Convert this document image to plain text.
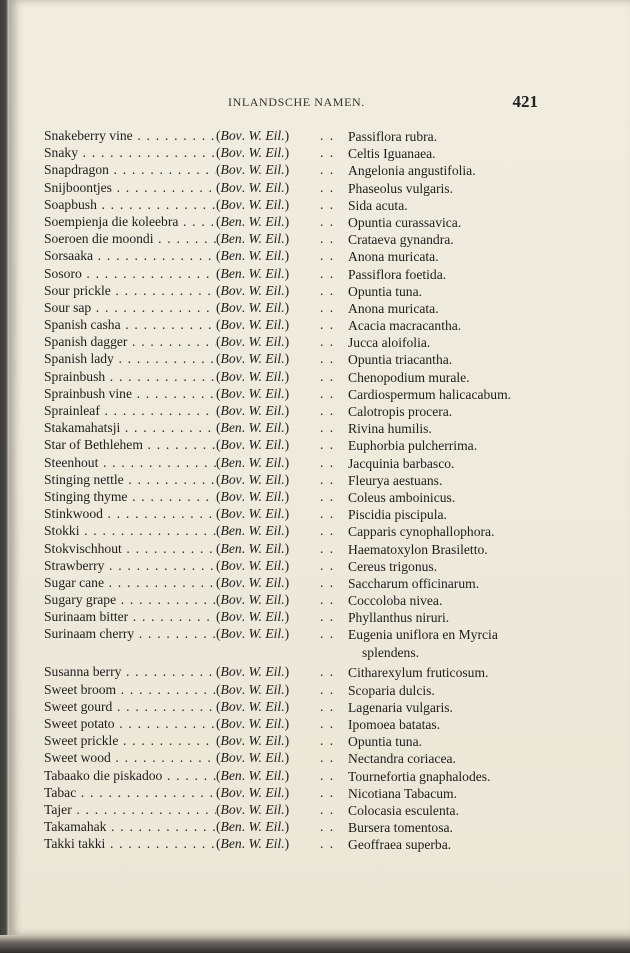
INLANDSCHE NAMEN.	421
Snakeberry vine . . .	(Bov. W. Eil.) . . Passiflora rubra.
Snaky . . .	(Bov. W. Eil.) . . Celtis Iguanaea.
Snapdragon . . .	(Bov. W. Eil.) . . Angelonia angustifolia.
Snijboontjes . . .	(Bov. W. Eil.) . . Phaseolus vulgaris.
Soapbush . . .	(Bov. W. Eil.) . . Sida acuta.
Soempienja die koleebra . . .	(Ben. W. Eil.) . . Opuntia curassavica.
Soeroen die moondi . . .	(Ben. W. Eil.) . . Crataeva gynandra.
Sorsaaka . . .	(Ben. W. Eil.) . . Anona muricata.
Sosoro . . .	(Ben. W. Eil.) . . Passiflora foetida.
Sour prickle . . .	(Bov. W. Eil.) . . Opuntia tuna.
Sour sap . . .	(Bov. W. Eil.) . . Anona muricata.
Spanish casha . . .	(Bov. W. Eil.) . . Acacia macracantha.
Spanish dagger . . .	(Bov. W. Eil.) . . Jucca aloifolia.
Spanish lady . . .	(Bov. W. Eil.) . . Opuntia triacantha.
Sprainbush . . .	(Bov. W. Eil.) . . Chenopodium murale.
Sprainbush vine . . .	(Bov. W. Eil.) . . Cardiospermum halicacabum.
Sprainleaf . . .	(Bov. W. Eil.) . . Calotropis procera.
Stakamahatsji . . .	(Ben. W. Eil.) . . Rivina humilis.
Star of Bethlehem . . .	(Bov. W. Eil.) . . Euphorbia pulcherrima.
Steenhout . . .	(Ben. W. Eil.) . . Jacquinia barbasco.
Stinging nettle . . .	(Bov. W. Eil.) . . Fleurya aestuans.
Stinging thyme . . .	(Bov. W. Eil.) . . Coleus amboinicus.
Stinkwood . . .	(Bov. W. Eil.) . . Piscidia piscipula.
Stokki . . .	(Ben. W. Eil.) . . Capparis cynophallophora.
Stokvischhout . . .	(Ben. W. Eil.) . . Haematoxylon Brasiletto.
Strawberry . . .	(Bov. W. Eil.) . . Cereus trigonus.
Sugar cane . . .	(Bov. W. Eil.) . . Saccharum officinarum.
Sugary grape . . .	(Bov. W. Eil.) . . Coccoloba nivea.
Surinaam bitter . . .	(Bov. W. Eil.) . . Phyllanthus niruri.
Surinaam cherry . . .	(Bov. W. Eil.) . . Eugenia uniflora en Myrcia
splendens.
Susanna berry . . .	(Bov. W. Eil.) . . Citharexylum fruticosum.
Sweet broom . . .	(Bov. W. Eil.) . . Scoparia dulcis.
Sweet gourd . . .	(Bov. W. Eil.) . . Lagenaria vulgaris.
Sweet potato . . .	(Bov. W. Eil.) . . Ipomoea batatas.
Sweet prickle . . .	(Bov. W. Eil.) . . Opuntia tuna.
Sweet wood . . .	(Bov. W. Eil.) . . Nectandra coriacea.
Tabaako die piskadoo . . .	(Ben. W. Eil.) . . Tournefortia gnaphalodes.
Tabac . . .	(Bov. W. Eil.) . . Nicotiana Tabacum.
Tajer . . .	(Bov. W. Eil.) . . Colocasia esculenta.
Takamahak . . .	(Ben. W. Eil.) . . Bursera tomentosa.
Takki takki . . .	(Ben. W. Eil.) . . Geoffraea superba.
